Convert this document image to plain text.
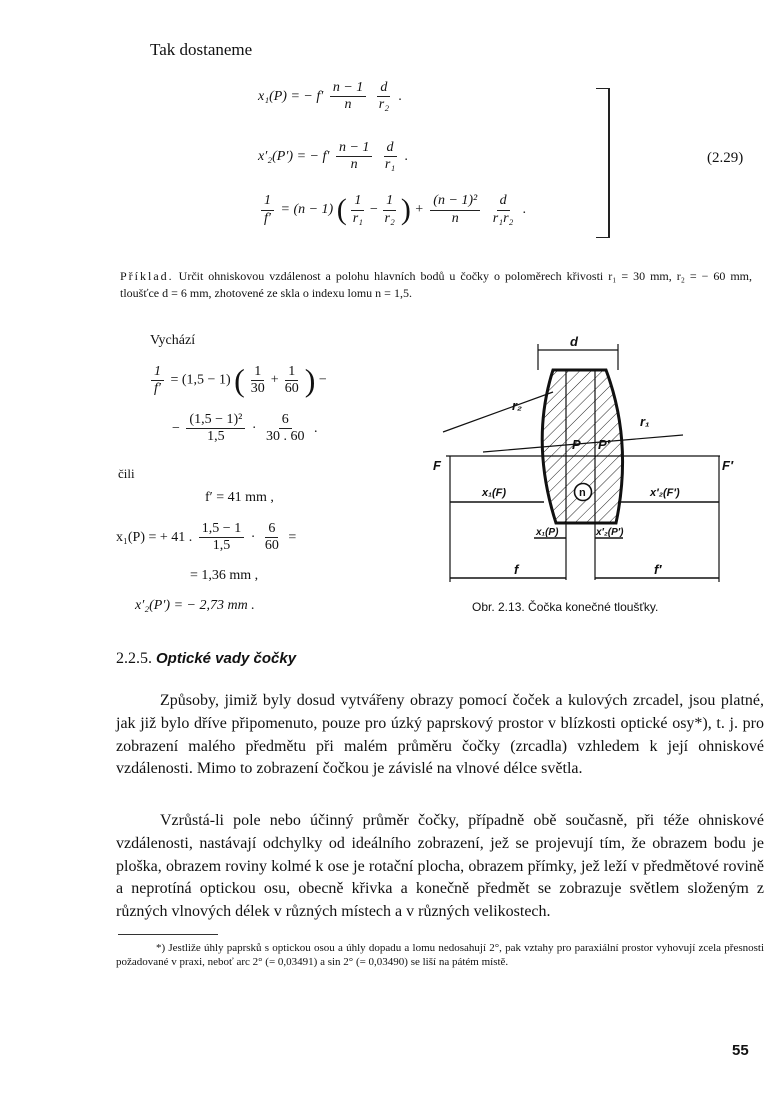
Tak dostaneme
x₁(P) = − $f' \frac{n - 1}{n}$
$\frac{d}{\text{r₂}}$ .
x′₂(P′) = − $f' \frac{n - 1}{n}$
$\frac{d}{\text{r₁}}$ .
$\frac{1}{f'} = (n - 1)$ ( $\frac{1}{\text{r₁}} - \frac{1}{\text{r₂}}$ ) + $\frac{\text{(n − 1)²}}{n}$
$\frac{d}{\text{r₁r₂}}$ .
(2.29)
Příklad. Určit ohniskovou vzdálenost a polohu hlavních bodů u čočky o poloměrech křivosti r₁ = 30 mm, r₂ = − 60 mm, tloušťce d = 6 mm, zhotovené ze skla o indexu lomu n = 1,5.
Vychází
$\frac{1}{f'} = (1,5 - 1)$ ( $\frac{1}{30} + \frac{1}{60}$ ) −
− $\frac{\text{(1,5 − 1)²}}{1,5} \cdot \frac{6}{30 . 60}$ .
čili
f′ = 41 mm ,
x₁(P) = + 41 . $\frac{1,5 - 1}{1,5} \cdot \frac{6}{60}$ =
= 1,36 mm ,
x′₂(P′) = − 2,73 mm .
d
r₂
r₁
P P′
n
F	F′
x₁(F)	x′₂(F′)
x₁(P)	x′₂(P′)
f	f′
Obr. 2.13. Čočka konečné tloušťky.
2.2.5. Optické vady čočky
Způsoby, jimiž byly dosud vytvářeny obrazy pomocí čoček a kulových zrcadel, jsou platné, jak již bylo dříve připomenuto, pouze pro úzký paprskový prostor v blízkosti optické osy*), t. j. pro zobrazení malého předmětu při malém průměru čočky (zrcadla) vzhledem k její ohniskové vzdálenosti. Mimo to zobrazení čočkou je závislé na vlnové délce světla.
Vzrůstá-li pole nebo účinný průměr čočky, případně obě současně, při téže ohniskové vzdálenosti, nastávají odchylky od ideálního zobrazení, jež se projevují tím, že obrazem bodu je ploška, obrazem roviny kolmé k ose je rotační plocha, obrazem přímky, jež leží v předmětové rovině a neprotíná optickou osu, obecně křivka a konečně předmět se zobrazuje světlem složeným z různých vlnových délek v různých místech a v různých velikostech.
*) Jestliže úhly paprsků s optickou osou a úhly dopadu a lomu nedosahují 2°, pak vztahy pro paraxiální prostor vyhovují zcela přesnosti požadované v praxi, neboť arc 2° (= 0,03491) a sin 2° (= 0,03490) se liší na pátém místě.
55
